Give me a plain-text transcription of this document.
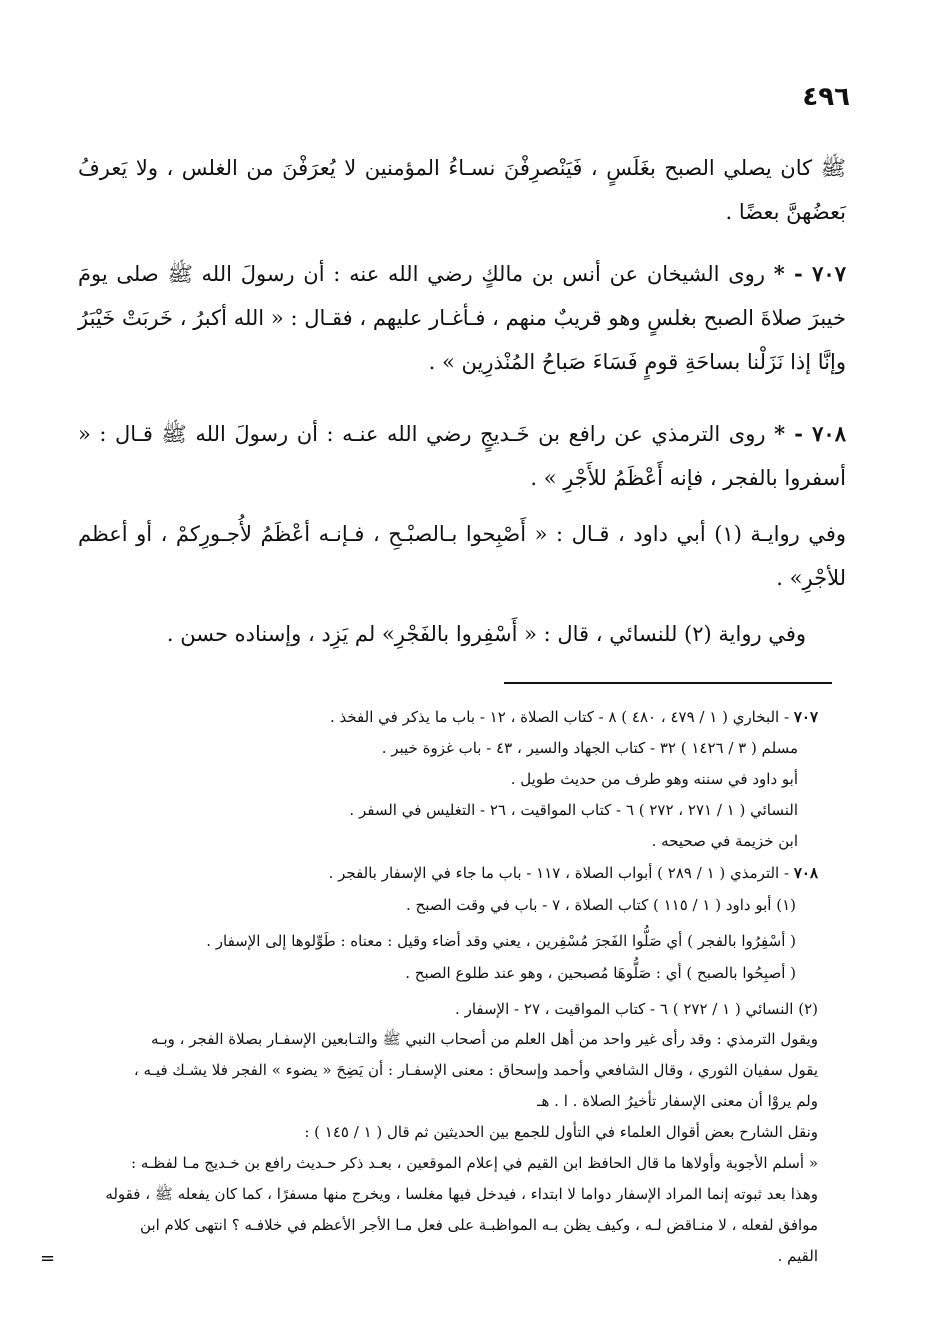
٤٩٦

ﷺ كان يصلي الصبح بغَلَسٍ ، فَيَنْصرِفْنَ نسـاءُ المؤمنين لا يُعرَفْنَ من الغلس ، ولا يَعرفُ بَعضُهنَّ بعضًا .

٧٠٧ - * روى الشيخان عن أنس بن مالكٍ رضي الله عنه : أن رسولَ الله ﷺ صلى يومَ خيبرَ صلاةَ الصبح بغلسٍ وهو قريبٌ منهم ، فـأغـار عليهم ، فقـال : « الله أكبرُ ، خَربَتْ خَيْبَرُ وإنَّا إذا نَزَلْنا بساحَةِ قومٍ فَسَاءَ صَباحُ المُنْذرِين » .

٧٠٨ - * روى الترمذي عن رافع بن خَـديجٍ رضي الله عنـه : أن رسولَ الله ﷺ قـال : « أسفروا بالفجر ، فإنه أَعْظَمُ للأَجْرِ » .

وفي روايـة (١) أبي داود ، قـال : « أَصْبِحوا بـالصبْـحِ ، فـإنـه أعْظَمُ لأُجـورِكمْ ، أو أعظم للأجْرِ» .

وفي رواية (٢) للنسائي ، قال : « أَسْفِروا بالفَجْرِ» لم يَزِد ، وإسناده حسن .

٧٠٧ - البخاري ( ١ / ٤٧٩ ، ٤٨٠ ) ٨ - كتاب الصلاة ، ١٢ - باب ما يذكر في الفخذ .
مسلم ( ٣ / ١٤٢٦ ) ٣٢ - كتاب الجهاد والسير ، ٤٣ - باب غزوة خيبر .
أبو داود في سننه وهو طرف من حديث طويل .
النسائي ( ١ / ٢٧١ ، ٢٧٢ ) ٦ - كتاب المواقيت ، ٢٦ - التغليس في السفر .
ابن خزيمة في صحيحه .
٧٠٨ - الترمذي ( ١ / ٢٨٩ ) أبواب الصلاة ، ١١٧ - باب ما جاء في الإسفار بالفجر .
(١) أبو داود ( ١ / ١١٥ ) كتاب الصلاة ، ٧ - باب في وقت الصبح .
( أسْفِرُوا بالفجر ) أي صَلُّوا الفَجرَ مُسْفِرين ، يعني وقد أضاء وقيل : معناه : طَوِّلوها إلى الإسفار .
( أصبِحُوا بالصبح ) أي : صَلُّوهَا مُصبحين ، وهو عند طلوع الصبح .
(٢) النسائي ( ١ / ٢٧٢ ) ٦ - كتاب المواقيت ، ٢٧ - الإسفار .
ويقول الترمذي : وقد رأى غير واحد من أهل العلم من أصحاب النبي ﷺ والتـابعين الإسفـار بصلاة الفجر ، وبـه
يقول سفيان الثوري ، وقال الشافعي وأحمد وإسحاق : معنى الإسفـار : أن يَضِحَ « يضوء » الفجر فلا يشـك فيـه ،
ولم يروْا أن معنى الإسفار تأخيرُ الصلاة . ا . هـ
ونقل الشارح بعض أقوال العلماء في التأول للجمع بين الحديثين ثم قال ( ١ / ١٤٥ ) :
« أسلم الأجوبة وأولاها ما قال الحافظ ابن القيم في إعلام الموقعين ، بعـد ذكر حـديث رافع بن خـديج مـا لفظـه :
وهذا بعد ثبوته إنما المراد الإسفار دواما لا ابتداء ، فيدخل فيها مغلسا ، ويخرج منها مسفرًا ، كما كان يفعله ﷺ ، فقوله
موافق لفعله ، لا منـاقض لـه ، وكيف يظن بـه المواظبـة على فعل مـا الأجر الأعظم في خلافـه ؟ انتهى كلام ابن
القيم .
=
